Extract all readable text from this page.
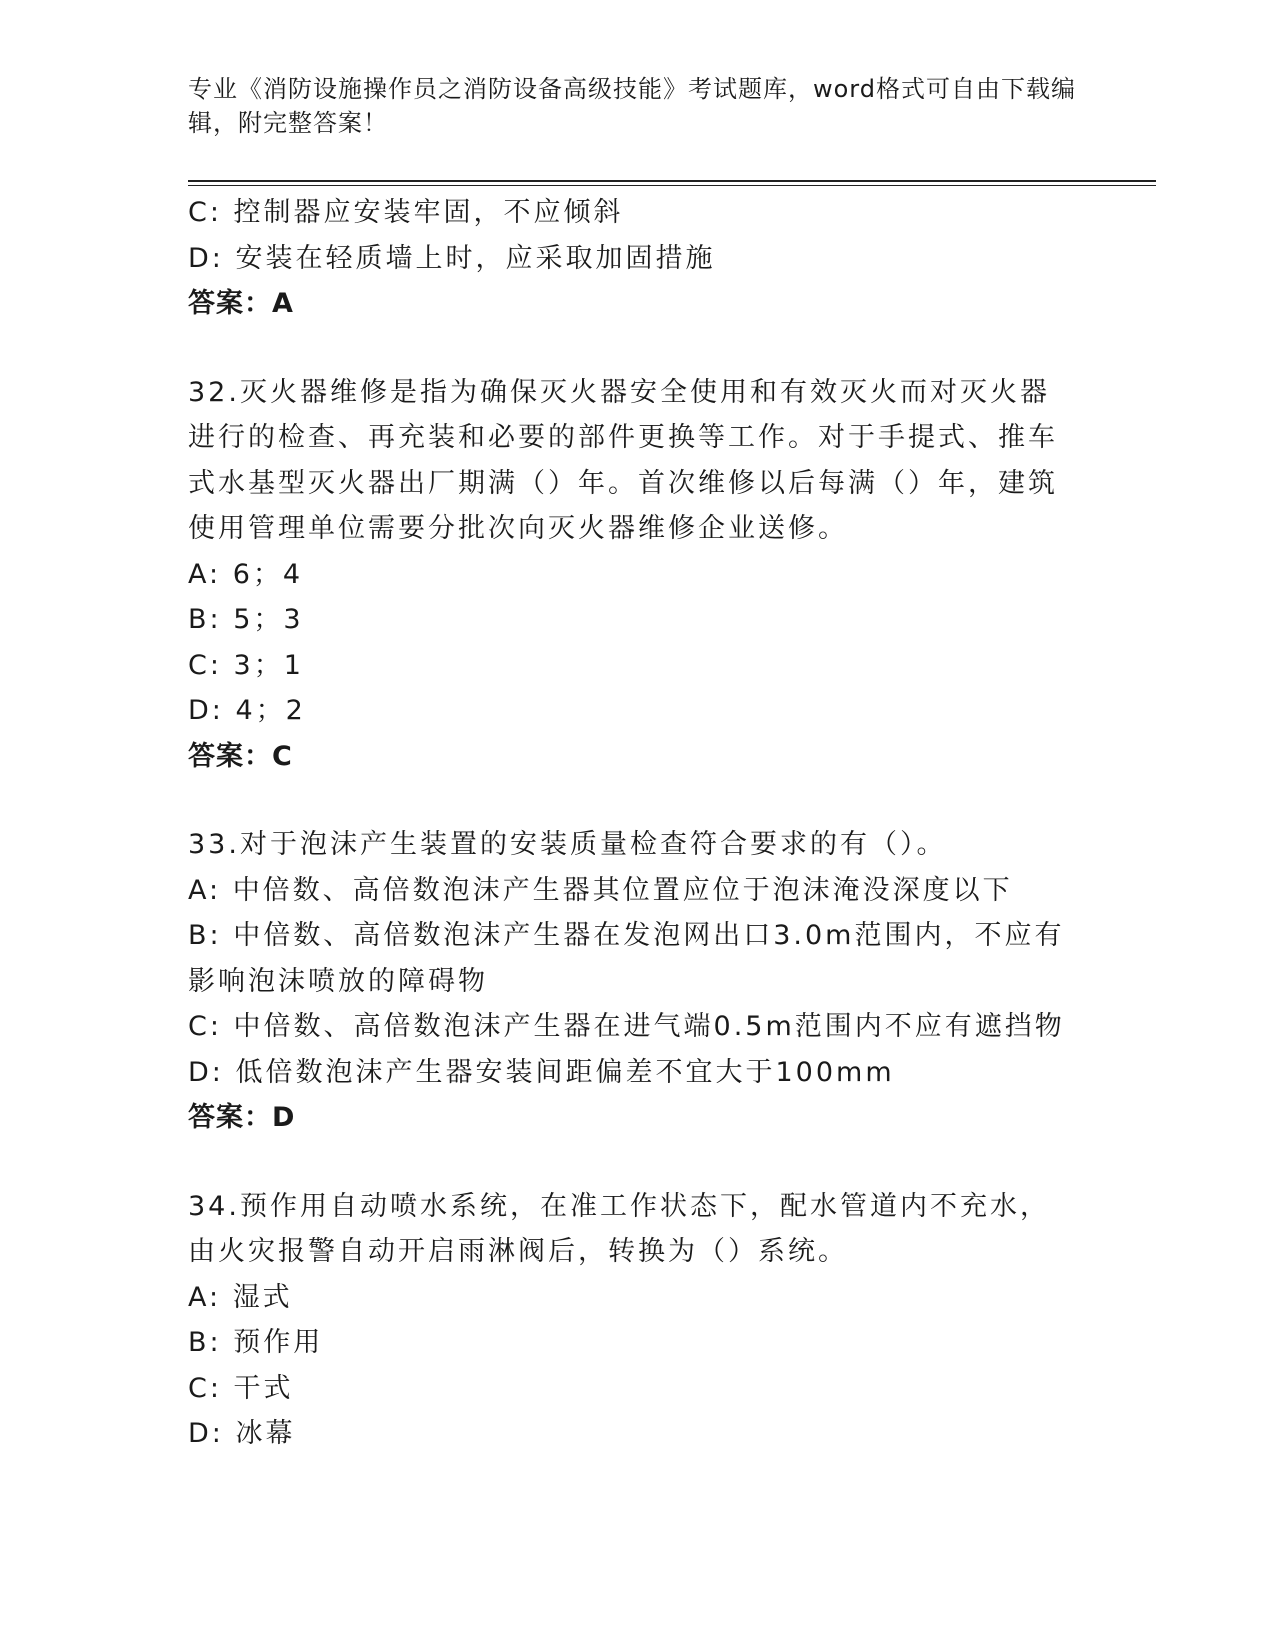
专业《消防设施操作员之消防设备高级技能》考试题库，word格式可自由下载编辑，附完整答案！
C: 控制器应安装牢固，不应倾斜
D: 安装在轻质墙上时，应采取加固措施
答案：A
32.灭火器维修是指为确保灭火器安全使用和有效灭火而对灭火器进行的检查、再充装和必要的部件更换等工作。对于手提式、推车式水基型灭火器出厂期满（）年。首次维修以后每满（）年，建筑使用管理单位需要分批次向灭火器维修企业送修。
A: 6；4
B: 5；3
C: 3；1
D: 4；2
答案：C
33.对于泡沫产生装置的安装质量检查符合要求的有（）。
A: 中倍数、高倍数泡沫产生器其位置应位于泡沫淹没深度以下
B: 中倍数、高倍数泡沫产生器在发泡网出口3.0m范围内，不应有影响泡沫喷放的障碍物
C: 中倍数、高倍数泡沫产生器在进气端0.5m范围内不应有遮挡物
D: 低倍数泡沫产生器安装间距偏差不宜大于100mm
答案：D
34.预作用自动喷水系统，在准工作状态下，配水管道内不充水，由火灾报警自动开启雨淋阀后，转换为（）系统。
A: 湿式
B: 预作用
C: 干式
D: 冰幕
